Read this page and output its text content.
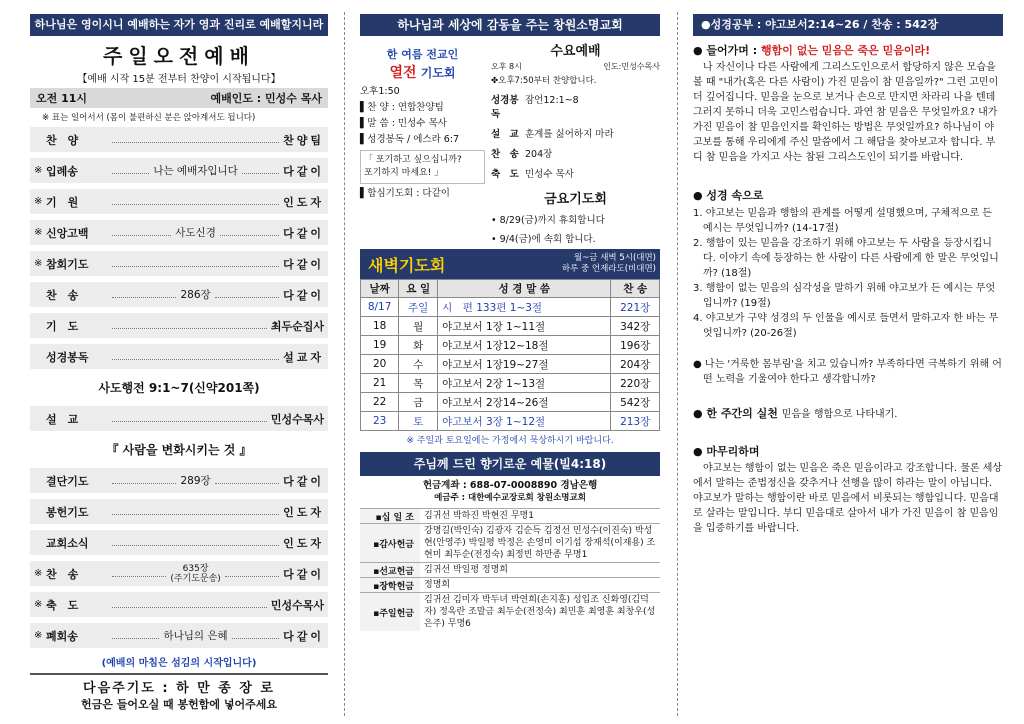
하나님은 영이시니 예배하는 자가 영과 진리로 예배할지니라
주일오전예배
【예배 시작 15분 전부터 찬양이 시작됩니다】
오전 11시	예배인도 : 민성수 목사
※ 표는 일어서서 (몸이 불편하신 분은 앉아계셔도 됩니다)
찬　양	찬양팀
※ 입례송	나는 예배자입니다	다같이
※ 기　원	인도자
※ 신앙고백	사도신경	다같이
※ 참회기도	다같이
찬　송	286장	다같이
기　도	최두순집사
성경봉독	설교자
사도행전 9:1~7(신약201쪽)
설　교	민성수목사
『 사람을 변화시키는 것 』
결단기도	289장	다같이
봉헌기도	인도자
교회소식	인도자
※ 찬　송	635장
(주기도문송)	다같이
※ 축　도	민성수목사
※ 폐회송	하나님의 은혜	다같이
(예배의 마침은 섬김의 시작입니다)
다음주기도 : 하 만 종 장 로
헌금은 들어오실 때 봉헌함에 넣어주세요
하나님과 세상에 감동을 주는 창원소명교회
한 여름 전교인
열전 기도회
오후1:50
▌찬 양 : 연합찬양팀
▌말 씀 : 민성수 목사
▌성경봉독 / 에스라 6:7
「 포기하고 싶으십니까?
포기하지 마세요! 」
▌합심기도회 : 다같이
수요예배
오후 8시	인도:민성수목사
✤오후7:50부터 찬양합니다.
성경봉독
잠언12:1~8
설　교 훈계를 싫어하지 마라
찬　송 204장
축　도 민성수 목사
금요기도회
• 8/29(금)까지 휴회합니다
• 9/4(금)에 속회 합니다.
새벽기도회	월~금 새벽 5시(대면)
하루 중 언제라도(비대면)
날짜	요 일	성 경 말 씀	찬 송
8/17	주일	시　편 133편 1~3절	221장
18	월	야고보서 1장 1~11절	342장
19	화	야고보서 1장12~18절	196장
20	수	야고보서 1장19~27절	204장
21	목	야고보서 2장 1~13절	220장
22	금	야고보서 2장14~26절	542장
23	토	야고보서 3장 1~12절	213장
※ 주일과 토요일에는 가정에서 묵상하시기 바랍니다.
주님께 드린 향기로운 예물(빌4:18)
헌금계좌 : 688-07-0008890 경남은행
예금주 : 대한예수교장로회 창원소명교회
▪십 일 조	김귀선 박하진 박현진 무명1
▪감사헌금
강명길(박인숙) 김광자 김순득 김정선 민성수(이진숙) 박성현(안영주) 박일평 박정은 손영미 이기섭 장재석(이재용) 조현미 최두순(전정숙) 최정빈 하만종 무명1
▪선교헌금	김귀선 박일평 정명희
▪장학헌금	정명희
▪주일헌금
김귀선 김미자 박두녀 박연희(손지훈) 성입조 신화영(김덕자) 정옥란 조말금 최두순(전정숙) 최민훈 최영훈 최창우(성은주) 무명6
●성경공부 : 야고보서2:14~26 / 찬송 : 542장
● 들어가며 : 행함이 없는 믿음은 죽은 믿음이라!
나 자신이나 다른 사람에게 그리스도인으로서 합당하지 않은 모습을 볼 때 "내가(혹은 다른 사람이) 가진 믿음이 참 믿음일까?" 그런 고민이 더 깊어집니다. 믿음을 눈으로 보거나 손으로 만지면 차라리 나을 텐데 그러지 못하니 더욱 고민스럽습니다. 과연 참 믿음은 무엇일까요? 내가 가진 믿음이 참 믿음인지를 확인하는 방법은 무엇일까요? 하나님이 야고보를 통해 우리에게 주신 말씀에서 그 해답을 찾아보고자 합니다. 부디 참 믿음을 가지고 사는 참된 그리스도인이 되기를 바랍니다.
● 성경 속으로
1. 야고보는 믿음과 행함의 관계를 어떻게 설명했으며, 구체적으로 든 예시는 무엇입니까? (14-17절)
2. 행함이 있는 믿음을 강조하기 위해 야고보는 두 사람을 등장시킵니다. 이야기 속에 등장하는 한 사람이 다른 사람에게 한 말은 무엇입니까? (18절)
3. 행함이 없는 믿음의 심각성을 말하기 위해 야고보가 든 예시는 무엇입니까? (19절)
4. 야고보가 구약 성경의 두 인물을 예시로 들면서 말하고자 한 바는 무엇입니까? (20-26절)
● 나는 '거룩한 몸부림'을 치고 있습니까? 부족하다면 극복하기 위해 어떤 노력을 기울여야 한다고 생각합니까?
● 한 주간의 실천 믿음을 행함으로 나타내기.
● 마무리하며
야고보는 행함이 없는 믿음은 죽은 믿음이라고 강조합니다. 물론 세상에서 말하는 준법정신을 갖추거나 선행을 많이 하라는 말이 아닙니다. 야고보가 말하는 행함이란 바로 믿음에서 비롯되는 행함입니다. 믿음대로 살라는 말입니다. 부디 믿음대로 살아서 내가 가진 믿음이 참 믿음임을 입증하기를 바랍니다.
